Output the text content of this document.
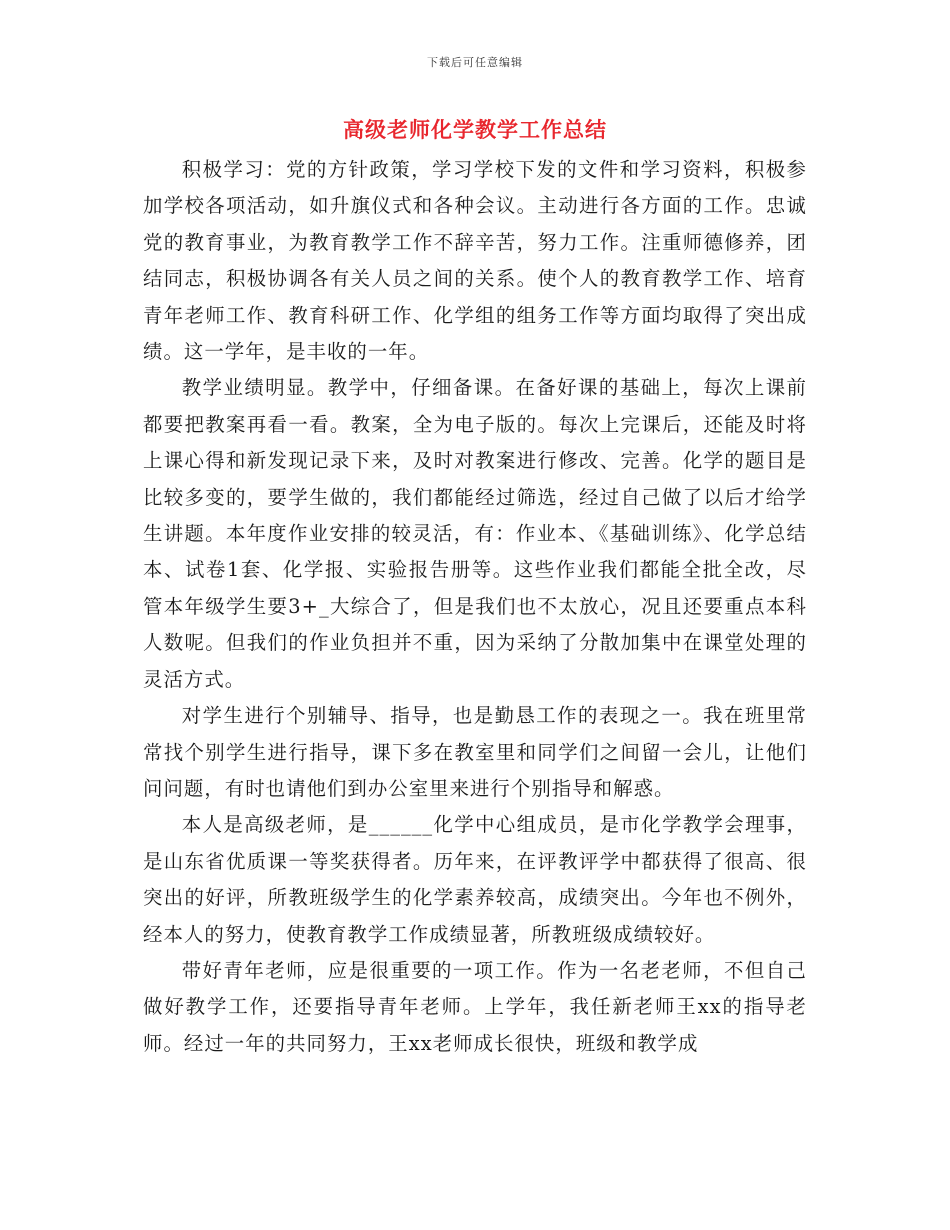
下载后可任意编辑
高级老师化学教学工作总结

积极学习：党的方针政策，学习学校下发的文件和学习资料，积极参加学校各项活动，如升旗仪式和各种会议。主动进行各方面的工作。忠诚党的教育事业，为教育教学工作不辞辛苦，努力工作。注重师德修养，团结同志，积极协调各有关人员之间的关系。使个人的教育教学工作、培育青年老师工作、教育科研工作、化学组的组务工作等方面均取得了突出成绩。这一学年，是丰收的一年。

教学业绩明显。教学中，仔细备课。在备好课的基础上，每次上课前都要把教案再看一看。教案，全为电子版的。每次上完课后，还能及时将上课心得和新发现记录下来，及时对教案进行修改、完善。化学的题目是比较多变的，要学生做的，我们都能经过筛选，经过自己做了以后才给学生讲题。本年度作业安排的较灵活，有：作业本、《基础训练》、化学总结本、试卷1套、化学报、实验报告册等。这些作业我们都能全批全改，尽管本年级学生要3+_大综合了，但是我们也不太放心，况且还要重点本科人数呢。但我们的作业负担并不重，因为采纳了分散加集中在课堂处理的灵活方式。

对学生进行个别辅导、指导，也是勤恳工作的表现之一。我在班里常常找个别学生进行指导，课下多在教室里和同学们之间留一会儿，让他们问问题，有时也请他们到办公室里来进行个别指导和解惑。

本人是高级老师，是______化学中心组成员，是市化学教学会理事，是山东省优质课一等奖获得者。历年来，在评教评学中都获得了很高、很突出的好评，所教班级学生的化学素养较高，成绩突出。今年也不例外，经本人的努力，使教育教学工作成绩显著，所教班级成绩较好。

带好青年老师，应是很重要的一项工作。作为一名老老师，不但自己做好教学工作，还要指导青年老师。上学年，我任新老师王xx的指导老师。经过一年的共同努力，王xx老师成长很快，班级和教学成
